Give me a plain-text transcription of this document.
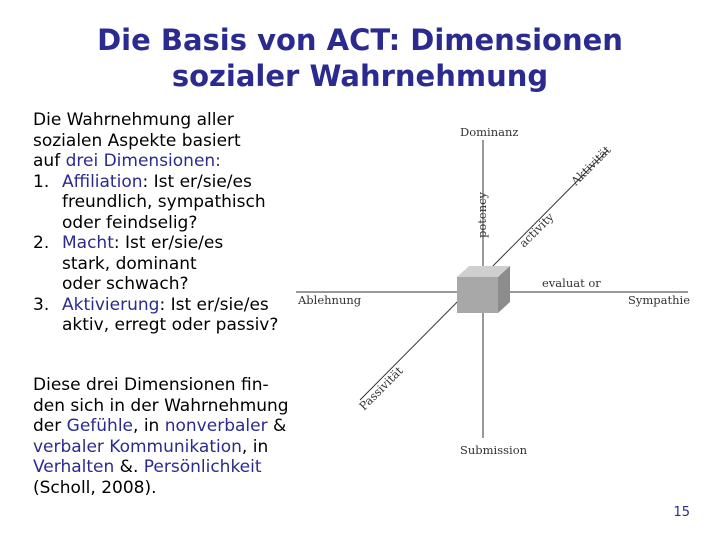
Die Basis von ACT: Dimensionen
sozialer Wahrnehmung
Die Wahrnehmung aller
sozialen Aspekte basiert
auf drei Dimensionen:
1. Affiliation: Ist er/sie/es
freundlich, sympathisch
oder feindselig?
2. Macht: Ist er/sie/es
stark, dominant
oder schwach?
3. Aktivierung: Ist er/sie/es
aktiv, erregt oder passiv?
Diese drei Dimensionen fin-
den sich in der Wahrnehmung
der Gefühle, in nonverbaler &
verbaler Kommunikation, in
Verhalten &. Persönlichkeit
(Scholl, 2008).
Dominanz
Submission
Ablehnung	Sympathie
evaluat or
potency activity
Aktivität
Passivität
15
